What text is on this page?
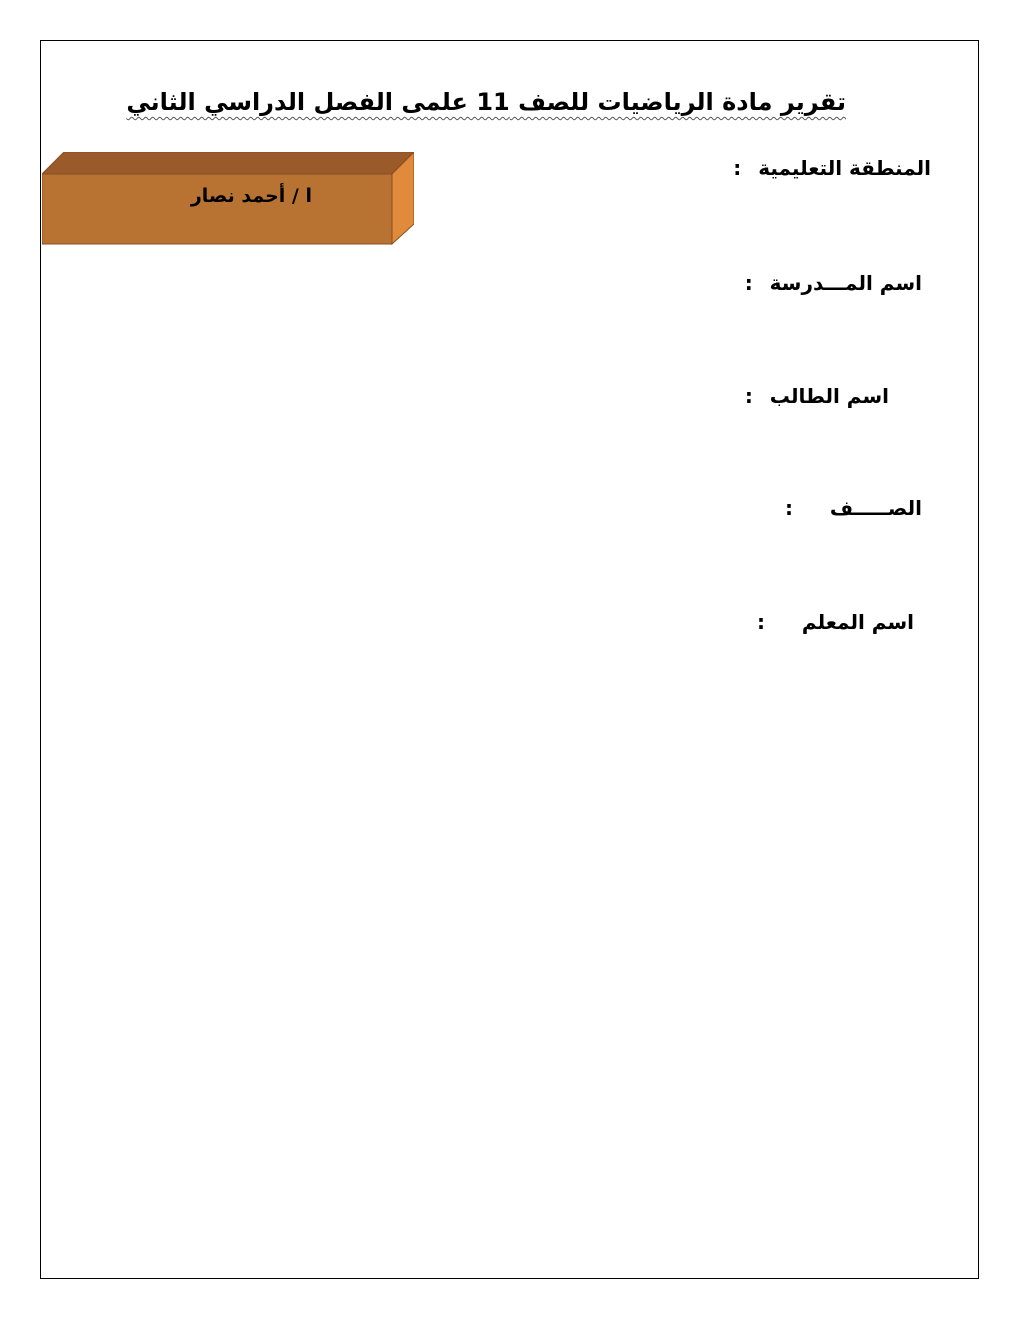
تقرير مادة الرياضيات للصف 11 علمى الفصل الدراسي الثاني
ا / أحمد نصار
المنطقة التعليمية :
اسم المـــدرسة :
اسم الطالب :
الصـــــف :
اسم المعلم :
